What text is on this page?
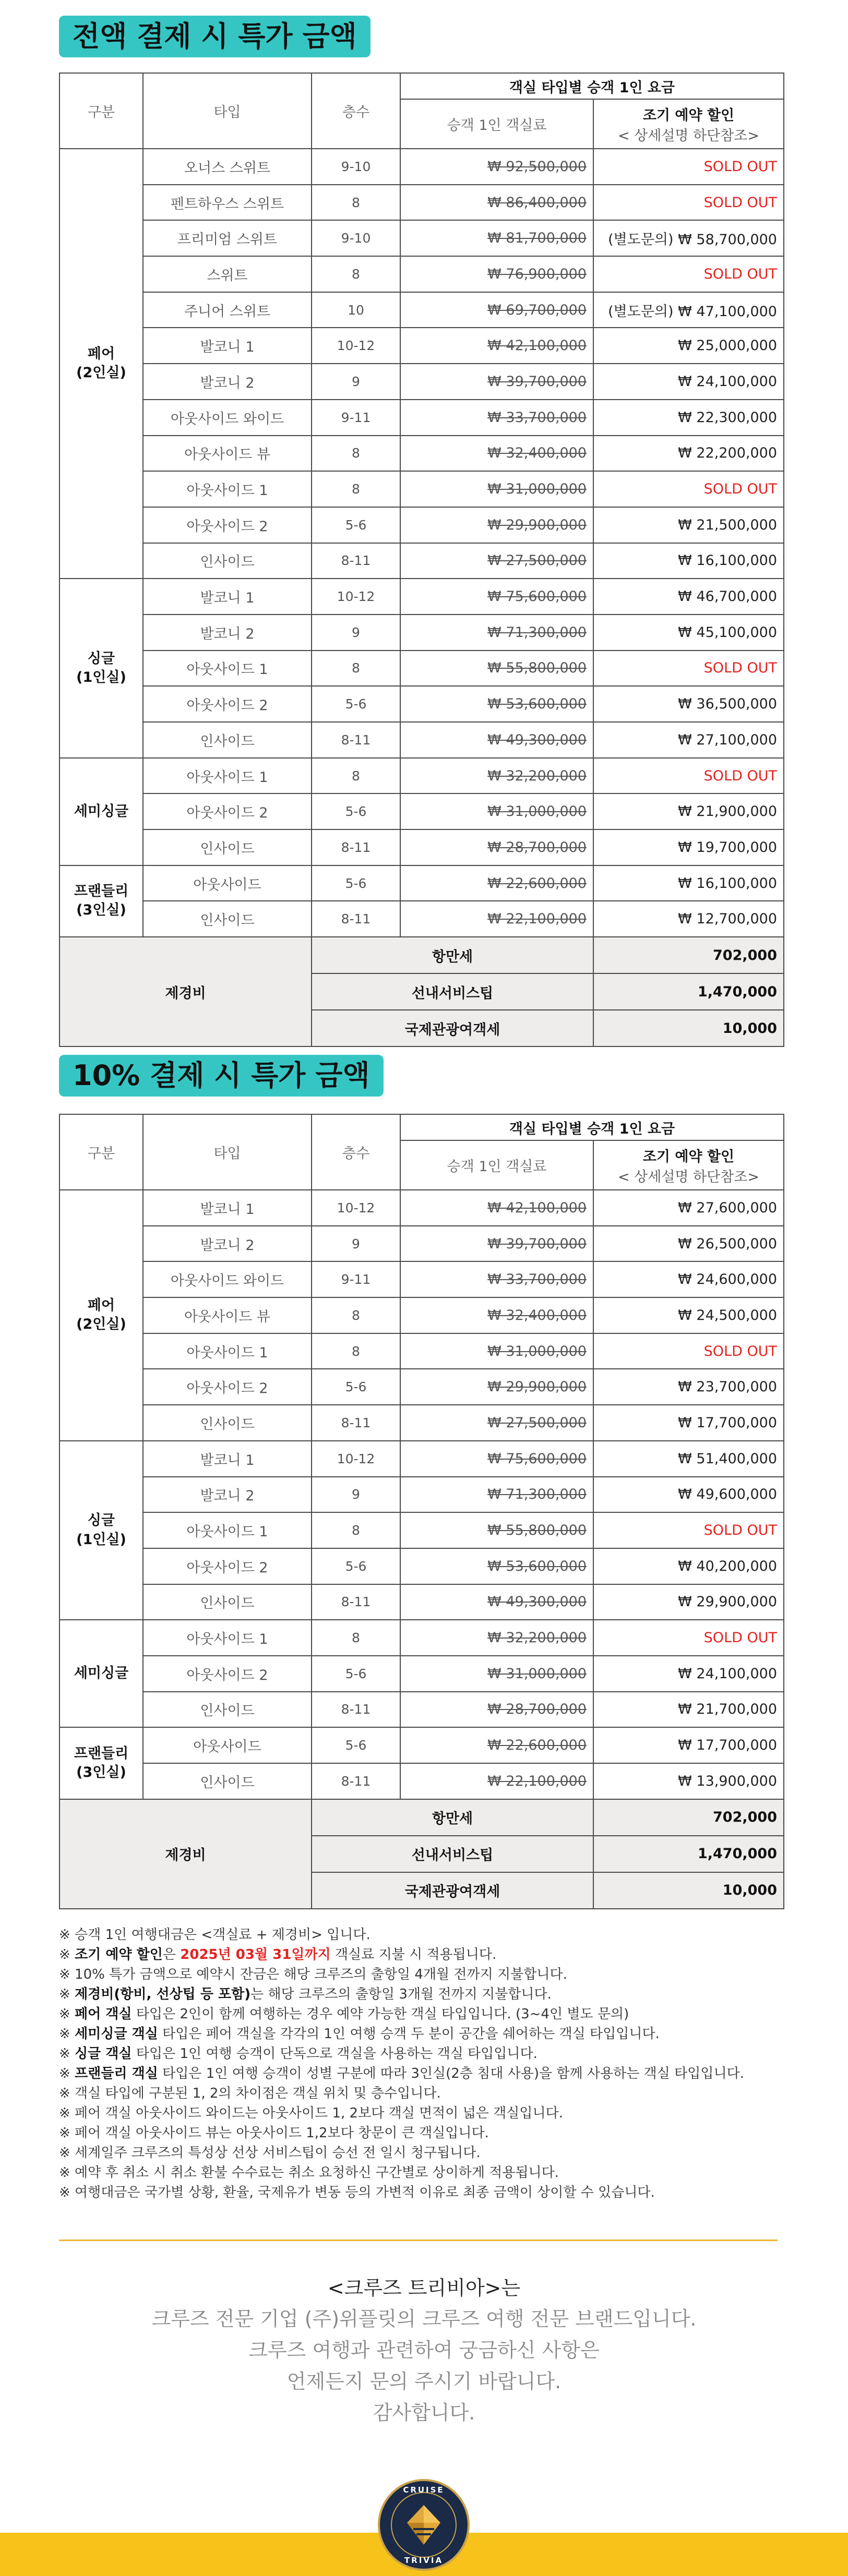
전액 결제 시 특가 금액
구분	타입	층수	객실 타입별 승객 1인 요금	
			승객 1인 객실료	조기 예약 할인
< 상세설명 하단참조>

페어
(2인실)	오너스 스위트	9-10	₩ 92,500,000	SOLD OUT
	펜트하우스 스위트	8	₩ 86,400,000	SOLD OUT
	프리미엄 스위트	9-10	₩ 81,700,000	(별도문의) ₩ 58,700,000
	스위트	8	₩ 76,900,000	SOLD OUT
	주니어 스위트	10	₩ 69,700,000	(별도문의) ₩ 47,100,000
	발코니 1	10-12	₩ 42,100,000	₩ 25,000,000
	발코니 2	9	₩ 39,700,000	₩ 24,100,000
	아웃사이드 와이드	9-11	₩ 33,700,000	₩ 22,300,000
	아웃사이드 뷰	8	₩ 32,400,000	₩ 22,200,000
	아웃사이드 1	8	₩ 31,000,000	SOLD OUT
	아웃사이드 2	5-6	₩ 29,900,000	₩ 21,500,000
	인사이드	8-11	₩ 27,500,000	₩ 16,100,000
싱글
(1인실)	발코니 1	10-12	₩ 75,600,000	₩ 46,700,000
	발코니 2	9	₩ 71,300,000	₩ 45,100,000
	아웃사이드 1	8	₩ 55,800,000	SOLD OUT
	아웃사이드 2	5-6	₩ 53,600,000	₩ 36,500,000
	인사이드	8-11	₩ 49,300,000	₩ 27,100,000
세미싱글	아웃사이드 1	8	₩ 32,200,000	SOLD OUT
	아웃사이드 2	5-6	₩ 31,000,000	₩ 21,900,000
	인사이드	8-11	₩ 28,700,000	₩ 19,700,000
프랜들리
(3인실)	아웃사이드	5-6	₩ 22,600,000	₩ 16,100,000
	인사이드	8-11	₩ 22,100,000	₩ 12,700,000
제경비		항만세		702,000
		선내서비스팁		1,470,000
		국제관광여객세		10,000
10% 결제 시 특가 금액
구분	타입	층수	객실 타입별 승객 1인 요금	
			승객 1인 객실료	조기 예약 할인
< 상세설명 하단참조>

페어
(2인실)	발코니 1	10-12	₩ 42,100,000	₩ 27,600,000
	발코니 2	9	₩ 39,700,000	₩ 26,500,000
	아웃사이드 와이드	9-11	₩ 33,700,000	₩ 24,600,000
	아웃사이드 뷰	8	₩ 32,400,000	₩ 24,500,000
	아웃사이드 1	8	₩ 31,000,000	SOLD OUT
	아웃사이드 2	5-6	₩ 29,900,000	₩ 23,700,000
	인사이드	8-11	₩ 27,500,000	₩ 17,700,000
싱글
(1인실)	발코니 1	10-12	₩ 75,600,000	₩ 51,400,000
	발코니 2	9	₩ 71,300,000	₩ 49,600,000
	아웃사이드 1	8	₩ 55,800,000	SOLD OUT
	아웃사이드 2	5-6	₩ 53,600,000	₩ 40,200,000
	인사이드	8-11	₩ 49,300,000	₩ 29,900,000
세미싱글	아웃사이드 1	8	₩ 32,200,000	SOLD OUT
	아웃사이드 2	5-6	₩ 31,000,000	₩ 24,100,000
	인사이드	8-11	₩ 28,700,000	₩ 21,700,000
프랜들리
(3인실)	아웃사이드	5-6	₩ 22,600,000	₩ 17,700,000
	인사이드	8-11	₩ 22,100,000	₩ 13,900,000
제경비		항만세		702,000
		선내서비스팁		1,470,000
		국제관광여객세		10,000
※ 승객 1인 여행대금은 <객실료 + 제경비> 입니다.
※ 조기 예약 할인은 2025년 03월 31일까지 객실료 지불 시 적용됩니다.
※ 10% 특가 금액으로 예약시 잔금은 해당 크루즈의 출항일 4개월 전까지 지불합니다.
※ 제경비(항비, 선상팁 등 포함)는 해당 크루즈의 출항일 3개월 전까지 지불합니다.
※ 페어 객실 타입은 2인이 함께 여행하는 경우 예약 가능한 객실 타입입니다. (3~4인 별도 문의)
※ 세미싱글 객실 타입은 페어 객실을 각각의 1인 여행 승객 두 분이 공간을 쉐어하는 객실 타입입니다.
※ 싱글 객실 타입은 1인 여행 승객이 단독으로 객실을 사용하는 객실 타입입니다.
※ 프랜들리 객실 타입은 1인 여행 승객이 성별 구분에 따라 3인실(2층 침대 사용)을 함께 사용하는 객실 타입입니다.
※ 객실 타입에 구분된 1, 2의 차이점은 객실 위치 및 층수입니다.
※ 페어 객실 아웃사이드 와이드는 아웃사이드 1, 2보다 객실 면적이 넓은 객실입니다.
※ 페어 객실 아웃사이드 뷰는 아웃사이드 1,2보다 창문이 큰 객실입니다.
※ 세계일주 크루즈의 특성상 선상 서비스팁이 승선 전 일시 청구됩니다.
※ 예약 후 취소 시 취소 환불 수수료는 취소 요청하신 구간별로 상이하게 적용됩니다.
※ 여행대금은 국가별 상황, 환율, 국제유가 변동 등의 가변적 이유로 최종 금액이 상이할 수 있습니다.
<크루즈 트리비아>는
크루즈 전문 기업 (주)위플릿의 크루즈 여행 전문 브랜드입니다.
크루즈 여행과 관련하여 궁금하신 사항은
언제든지 문의 주시기 바랍니다.
감사합니다.
CRUISE
TRIVIA
